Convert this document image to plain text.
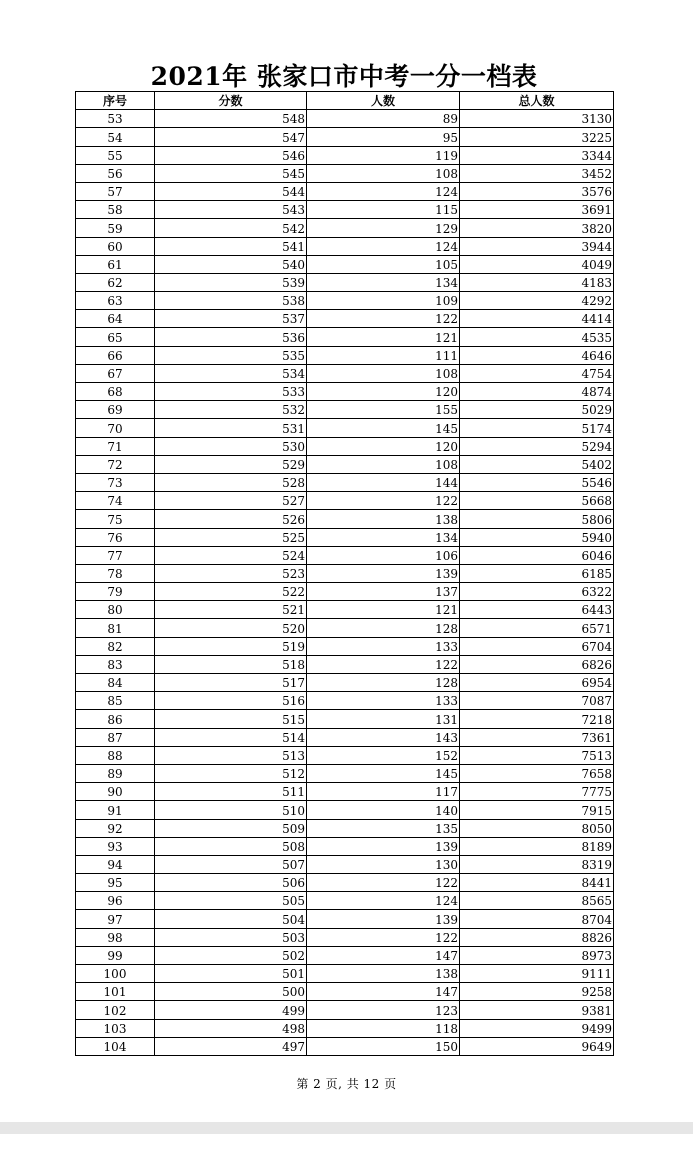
2021年 张家口市中考一分一档表
序号	分数	人数	总人数
53	548	89	3130
54	547	95	3225
55	546	119	3344
56	545	108	3452
57	544	124	3576
58	543	115	3691
59	542	129	3820
60	541	124	3944
61	540	105	4049
62	539	134	4183
63	538	109	4292
64	537	122	4414
65	536	121	4535
66	535	111	4646
67	534	108	4754
68	533	120	4874
69	532	155	5029
70	531	145	5174
71	530	120	5294
72	529	108	5402
73	528	144	5546
74	527	122	5668
75	526	138	5806
76	525	134	5940
77	524	106	6046
78	523	139	6185
79	522	137	6322
80	521	121	6443
81	520	128	6571
82	519	133	6704
83	518	122	6826
84	517	128	6954
85	516	133	7087
86	515	131	7218
87	514	143	7361
88	513	152	7513
89	512	145	7658
90	511	117	7775
91	510	140	7915
92	509	135	8050
93	508	139	8189
94	507	130	8319
95	506	122	8441
96	505	124	8565
97	504	139	8704
98	503	122	8826
99	502	147	8973
100	501	138	9111
101	500	147	9258
102	499	123	9381
103	498	118	9499
104	497	150	9649
第 2 页, 共 12 页
